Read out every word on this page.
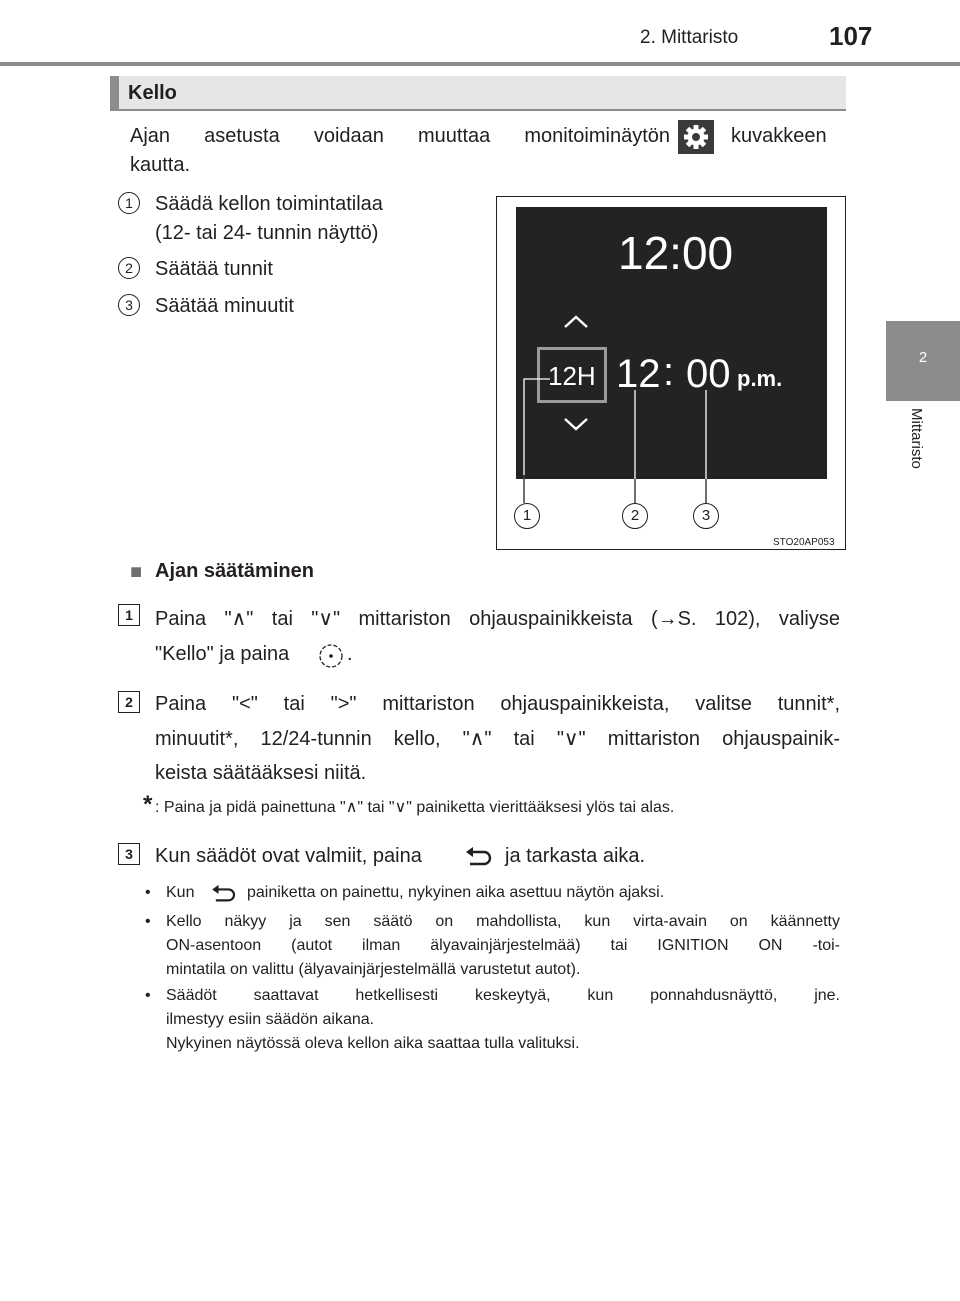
2. Mittaristo	107
2
Mittaristo
Kello
Ajan asetusta voidaan muuttaa monitoiminäytön	kuvakkeen
kautta.
1	Säädä kellon toimintatilaa
(12- tai 24- tunnin näyttö)
2	Säätää tunnit
3	Säätää minuutit
12:00
12H 12 : 00 p.m.
1	2	3
STO20AP053
■ Ajan säätäminen
1	Paina "∧" tai "∨" mittariston ohjauspainikkeista (→S. 102), valiyse
"Kello" ja paina	.
2	Paina "<" tai ">" mittariston ohjauspainikkeista, valitse tunnit*,
minuutit*, 12/24-tunnin kello, "∧" tai "∨" mittariston ohjauspainik-
keista säätääksesi niitä.
* : Paina ja pidä painettuna "∧" tai "∨" painiketta vierittääksesi ylös tai alas.
3	Kun säädöt ovat valmiit, paina	ja tarkasta aika.
• Kun	painiketta on painettu, nykyinen aika asettuu näytön ajaksi.
• Kello näkyy ja sen säätö on mahdollista, kun virta-avain on käännetty
ON-asentoon (autot ilman älyavainjärjestelmää) tai IGNITION ON -toi-
mintatila on valittu (älyavainjärjestelmällä varustetut autot).
• Säädöt saattavat hetkellisesti keskeytyä, kun ponnahdusnäyttö, jne.
ilmestyy esiin säädön aikana.
Nykyinen näytössä oleva kellon aika saattaa tulla valituksi.
